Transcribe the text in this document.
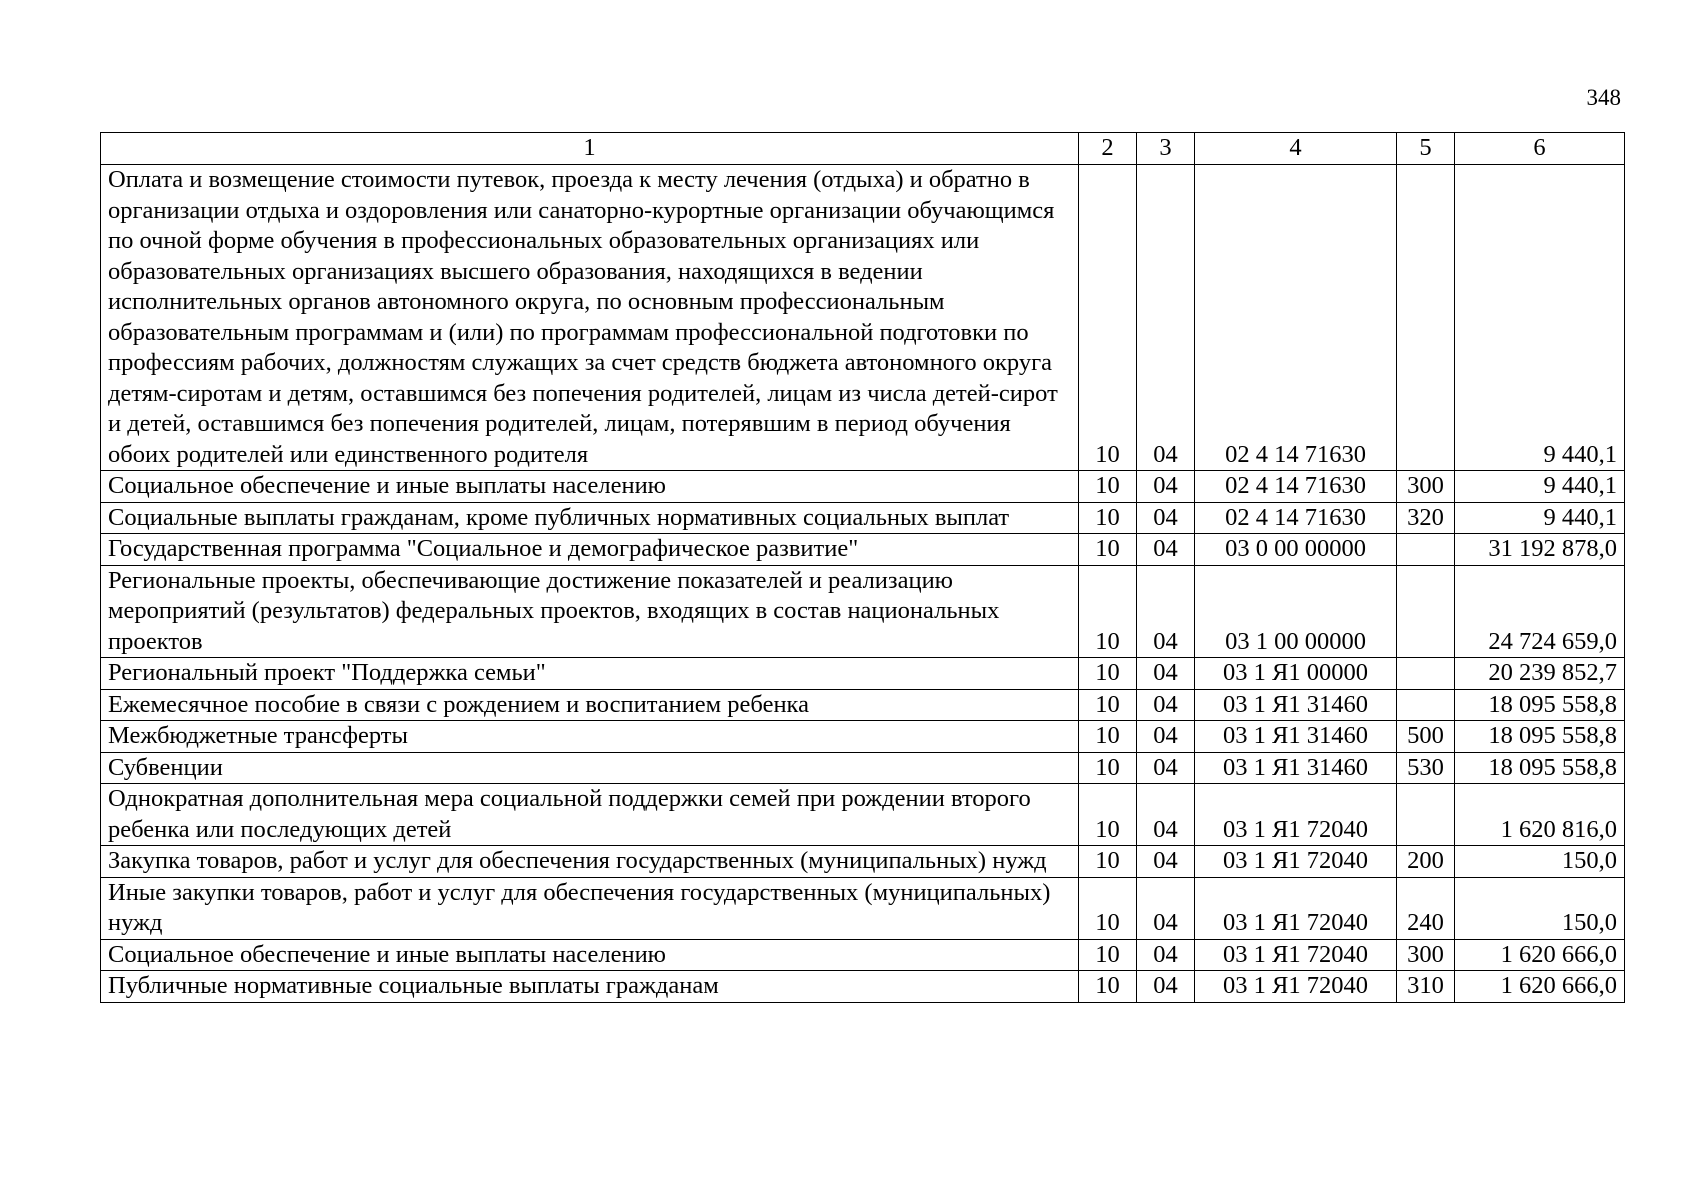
348
1	2	3	4	5	6
Оплата и возмещение стоимости путевок, проезда к месту лечения (отдыха) и обратно в организации отдыха и оздоровления или санаторно-курортные организации обучающимся по очной форме обучения в профессиональных образовательных организациях или образовательных организациях высшего образования, находящихся в ведении исполнительных органов автономного округа, по основным профессиональным образовательным программам и (или) по программам профессиональной подготовки по профессиям рабочих, должностям служащих за счет средств бюджета автономного округа детям-сиротам и детям, оставшимся без попечения родителей, лицам из числа детей-сирот и детей, оставшимся без попечения родителей, лицам, потерявшим в период обучения обоих родителей или единственного родителя	10	04	02 4 14 71630		9 440,1
Социальное обеспечение и иные выплаты населению	10	04	02 4 14 71630	300	9 440,1
Социальные выплаты гражданам, кроме публичных нормативных социальных выплат	10	04	02 4 14 71630	320	9 440,1
Государственная программа "Социальное и демографическое развитие"	10	04	03 0 00 00000		31 192 878,0
Региональные проекты, обеспечивающие достижение показателей и реализацию мероприятий (результатов) федеральных проектов, входящих в состав национальных проектов	10	04	03 1 00 00000		24 724 659,0
Региональный проект "Поддержка семьи"	10	04	03 1 Я1 00000		20 239 852,7
Ежемесячное пособие в связи с рождением и воспитанием ребенка	10	04	03 1 Я1 31460		18 095 558,8
Межбюджетные трансферты	10	04	03 1 Я1 31460	500	18 095 558,8
Субвенции	10	04	03 1 Я1 31460	530	18 095 558,8
Однократная дополнительная мера социальной поддержки семей при рождении второго ребенка или последующих детей	10	04	03 1 Я1 72040		1 620 816,0
Закупка товаров, работ и услуг для обеспечения государственных (муниципальных) нужд	10	04	03 1 Я1 72040	200	150,0
Иные закупки товаров, работ и услуг для обеспечения государственных (муниципальных) нужд	10	04	03 1 Я1 72040	240	150,0
Социальное обеспечение и иные выплаты населению	10	04	03 1 Я1 72040	300	1 620 666,0
Публичные нормативные социальные выплаты гражданам	10	04	03 1 Я1 72040	310	1 620 666,0
